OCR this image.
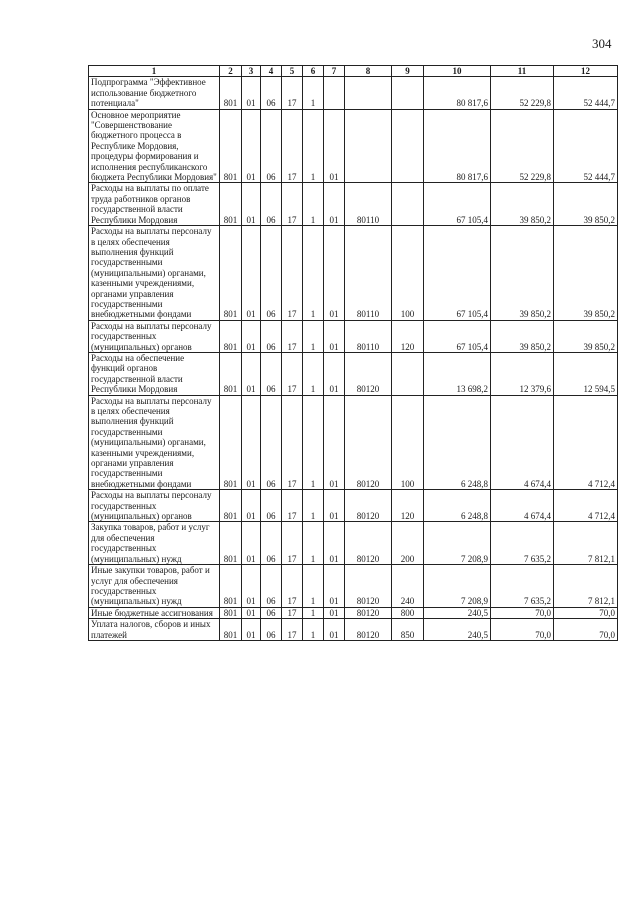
304
1	2	3	4	5	6	7	8	9	10	11	12
Подпрограмма "Эффективное использование бюджетного потенциала"	801	01	06	17	1				80 817,6	52 229,8	52 444,7
Основное мероприятие "Совершенствование бюджетного процесса в Республике Мордовия, процедуры формирования и исполнения республиканского бюджета Республики Мордовия"	801	01	06	17	1	01			80 817,6	52 229,8	52 444,7
Расходы на выплаты по оплате труда работников органов государственной власти Республики Мордовия	801	01	06	17	1	01	80110		67 105,4	39 850,2	39 850,2
Расходы на выплаты персоналу в целях обеспечения выполнения функций государственными (муниципальными) органами, казенными учреждениями, органами управления государственными внебюджетными фондами	801	01	06	17	1	01	80110	100	67 105,4	39 850,2	39 850,2
Расходы на выплаты персоналу государственных (муниципальных) органов	801	01	06	17	1	01	80110	120	67 105,4	39 850,2	39 850,2
Расходы на обеспечение функций органов государственной власти Республики Мордовия	801	01	06	17	1	01	80120		13 698,2	12 379,6	12 594,5
Расходы на выплаты персоналу в целях обеспечения выполнения функций государственными (муниципальными) органами, казенными учреждениями, органами управления государственными внебюджетными фондами	801	01	06	17	1	01	80120	100	6 248,8	4 674,4	4 712,4
Расходы на выплаты персоналу государственных (муниципальных) органов	801	01	06	17	1	01	80120	120	6 248,8	4 674,4	4 712,4
Закупка товаров, работ и услуг для обеспечения государственных (муниципальных) нужд	801	01	06	17	1	01	80120	200	7 208,9	7 635,2	7 812,1
Иные закупки товаров, работ и услуг для обеспечения государственных (муниципальных) нужд	801	01	06	17	1	01	80120	240	7 208,9	7 635,2	7 812,1
Иные бюджетные ассигнования	801	01	06	17	1	01	80120	800	240,5	70,0	70,0
Уплата налогов, сборов и иных платежей	801	01	06	17	1	01	80120	850	240,5	70,0	70,0
